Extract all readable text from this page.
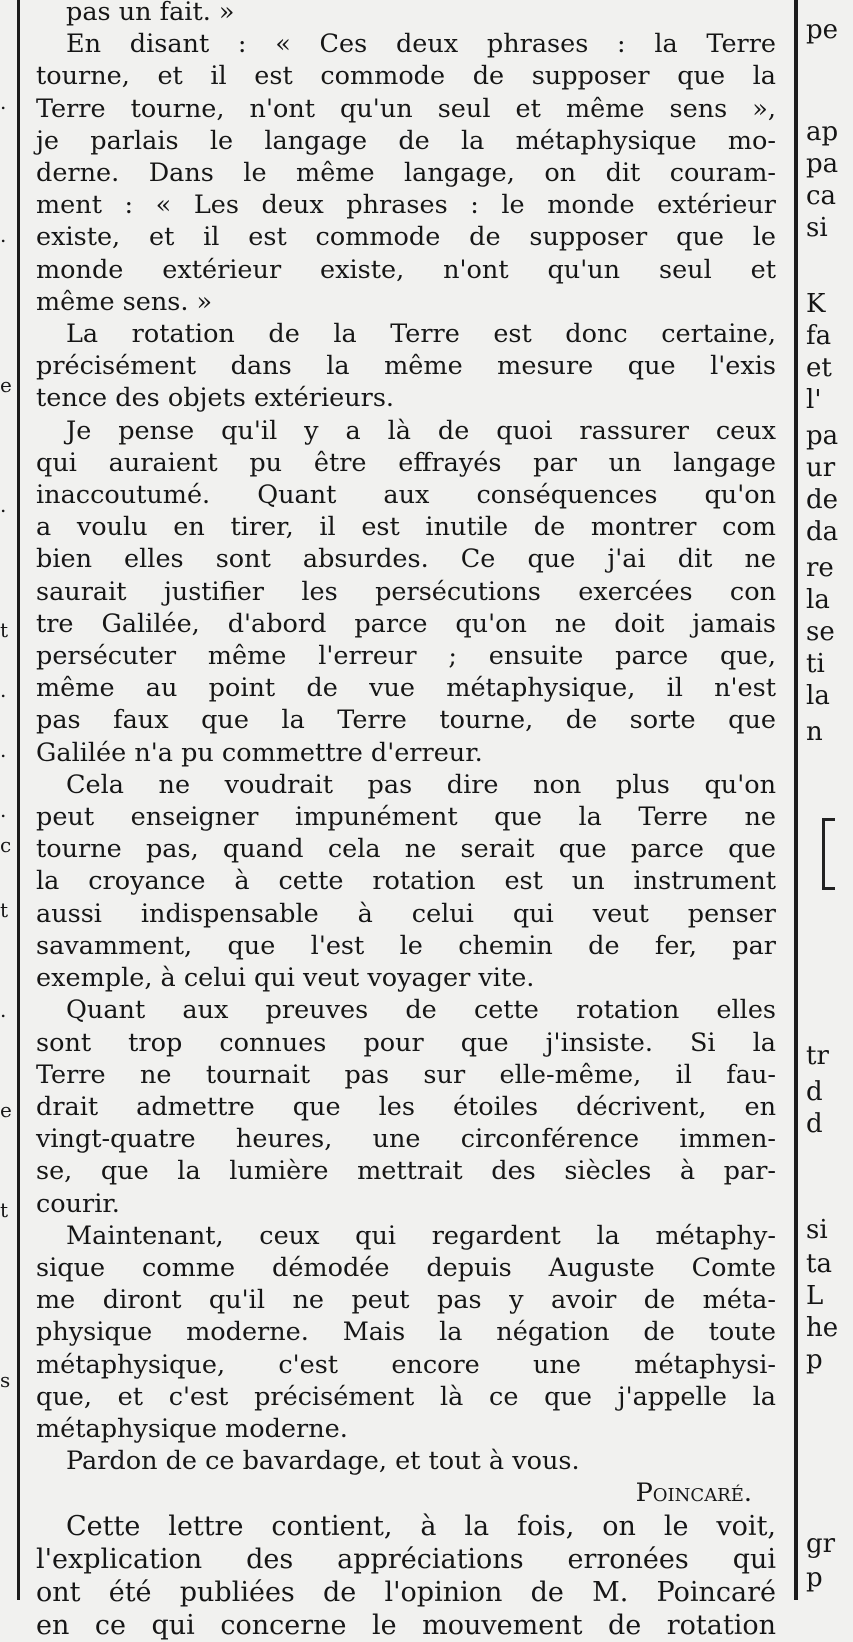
.
.
e
.
t
.
.
.
c
t
.
e
t
s
pas un fait. »
En disant : « Ces deux phrases : la Terre
tourne, et il est commode de supposer que la
Terre tourne, n'ont qu'un seul et même sens »,
je parlais le langage de la métaphysique mo-
derne. Dans le même langage, on dit couram-
ment : « Les deux phrases : le monde extérieur
existe, et il est commode de supposer que le
monde extérieur existe, n'ont qu'un seul et
même sens. »
La rotation de la Terre est donc certaine,
précisément dans la même mesure que l'exis
tence des objets extérieurs.
Je pense qu'il y a là de quoi rassurer ceux
qui auraient pu être effrayés par un langage
inaccoutumé. Quant aux conséquences qu'on
a voulu en tirer, il est inutile de montrer com
bien elles sont absurdes. Ce que j'ai dit ne
saurait justifier les persécutions exercées con
tre Galilée, d'abord parce qu'on ne doit jamais
persécuter même l'erreur ; ensuite parce que,
même au point de vue métaphysique, il n'est
pas faux que la Terre tourne, de sorte que
Galilée n'a pu commettre d'erreur.
Cela ne voudrait pas dire non plus qu'on
peut enseigner impunément que la Terre ne
tourne pas, quand cela ne serait que parce que
la croyance à cette rotation est un instrument
aussi indispensable à celui qui veut penser
savamment, que l'est le chemin de fer, par
exemple, à celui qui veut voyager vite.
Quant aux preuves de cette rotation elles
sont trop connues pour que j'insiste. Si la
Terre ne tournait pas sur elle-même, il fau-
drait admettre que les étoiles décrivent, en
vingt-quatre heures, une circonférence immen-
se, que la lumière mettrait des siècles à par-
courir.
Maintenant, ceux qui regardent la métaphy-
sique comme démodée depuis Auguste Comte
me diront qu'il ne peut pas y avoir de méta-
physique moderne. Mais la négation de toute
métaphysique, c'est encore une métaphysi-
que, et c'est précisément là ce que j'appelle la
métaphysique moderne.
Pardon de ce bavardage, et tout à vous.
Poincaré.
Cette lettre contient, à la fois, on le voit,
l'explication des appréciations erronées qui
ont été publiées de l'opinion de M. Poincaré
en ce qui concerne le mouvement de rotation
pe
ap
pa
ca
si
K
fa
et
l'
pa
ur
de
da
re
la
se
ti
la
n
tr
d
d
si
ta
L
he
p
gr
p
